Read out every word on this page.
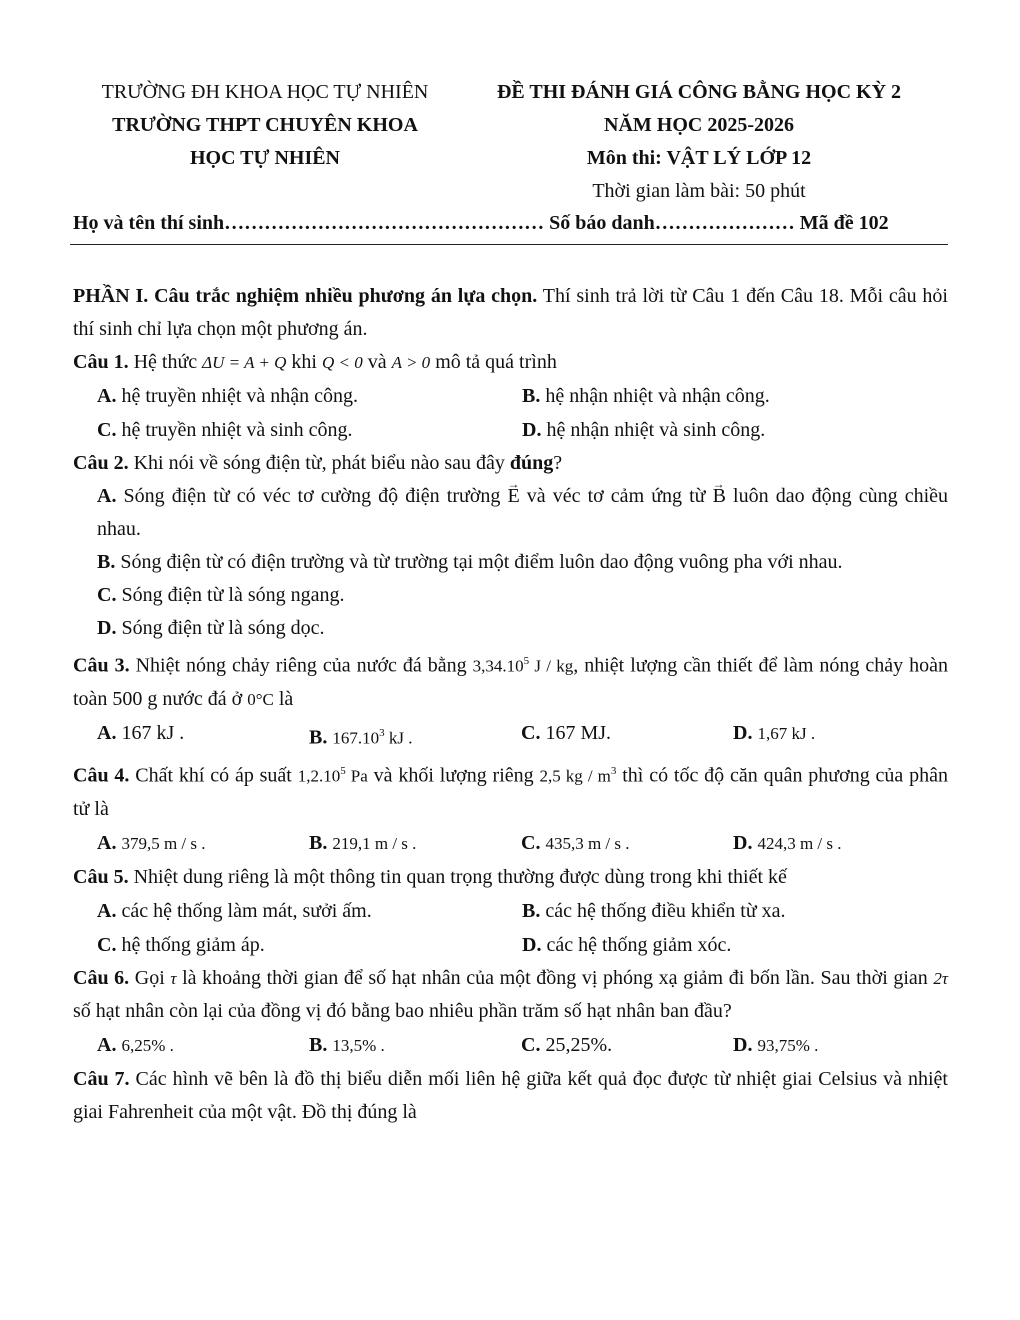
TRƯỜNG ĐH KHOA HỌC TỰ NHIÊN
TRƯỜNG THPT CHUYÊN KHOA
HỌC TỰ NHIÊN
ĐỀ THI ĐÁNH GIÁ CÔNG BẰNG HỌC KỲ 2
NĂM HỌC 2025-2026
Môn thi: VẬT LÝ LỚP 12
Thời gian làm bài: 50 phút
Họ và tên thí sinh………………………………………… Số báo danh………………… Mã đề 102

PHẦN I. Câu trắc nghiệm nhiều phương án lựa chọn. Thí sinh trả lời từ Câu 1 đến Câu 18. Mỗi câu hỏi thí sinh chỉ lựa chọn một phương án.

Câu 1. Hệ thức ΔU = A + Q khi Q < 0 và A > 0 mô tả quá trình

A. hệ truyền nhiệt và nhận công.	B. hệ nhận nhiệt và nhận công.
C. hệ truyền nhiệt và sinh công.	D. hệ nhận nhiệt và sinh công.

Câu 2. Khi nói về sóng điện từ, phát biểu nào sau đây đúng?

A. Sóng điện từ có véc tơ cường độ điện trường → E và véc tơ cảm ứng từ → B luôn dao động cùng chiều nhau.

B. Sóng điện từ có điện trường và từ trường tại một điểm luôn dao động vuông pha với nhau.

C. Sóng điện từ là sóng ngang.

D. Sóng điện từ là sóng dọc.

Câu 3. Nhiệt nóng chảy riêng của nước đá bằng 3,34.10$^5$ J / kg, nhiệt lượng cần thiết để làm nóng chảy hoàn toàn 500 g nước đá ở 0°C là

A. 167 kJ .	B. 167.10$^3$ kJ .	C. 167 MJ.	D. 1,67 kJ .

Câu 4. Chất khí có áp suất 1,2.10$^5$ Pa và khối lượng riêng 2,5 kg / $m^3$ thì có tốc độ căn quân phương của phân tử là

A. 379,5 m / s .	B. 219,1 m / s .	C. 435,3 m / s .	D. 424,3 m / s .

Câu 5. Nhiệt dung riêng là một thông tin quan trọng thường được dùng trong khi thiết kế

A. các hệ thống làm mát, sưởi ấm.	B. các hệ thống điều khiển từ xa.
C. hệ thống giảm áp.	D. các hệ thống giảm xóc.

Câu 6. Gọi τ là khoảng thời gian để số hạt nhân của một đồng vị phóng xạ giảm đi bốn lần. Sau thời gian 2τ số hạt nhân còn lại của đồng vị đó bằng bao nhiêu phần trăm số hạt nhân ban đầu?

A. 6,25% .	B. 13,5% .	C. 25,25%.	D. 93,75% .

Câu 7. Các hình vẽ bên là đồ thị biểu diễn mối liên hệ giữa kết quả đọc được từ nhiệt giai Celsius và nhiệt giai Fahrenheit của một vật. Đồ thị đúng là
